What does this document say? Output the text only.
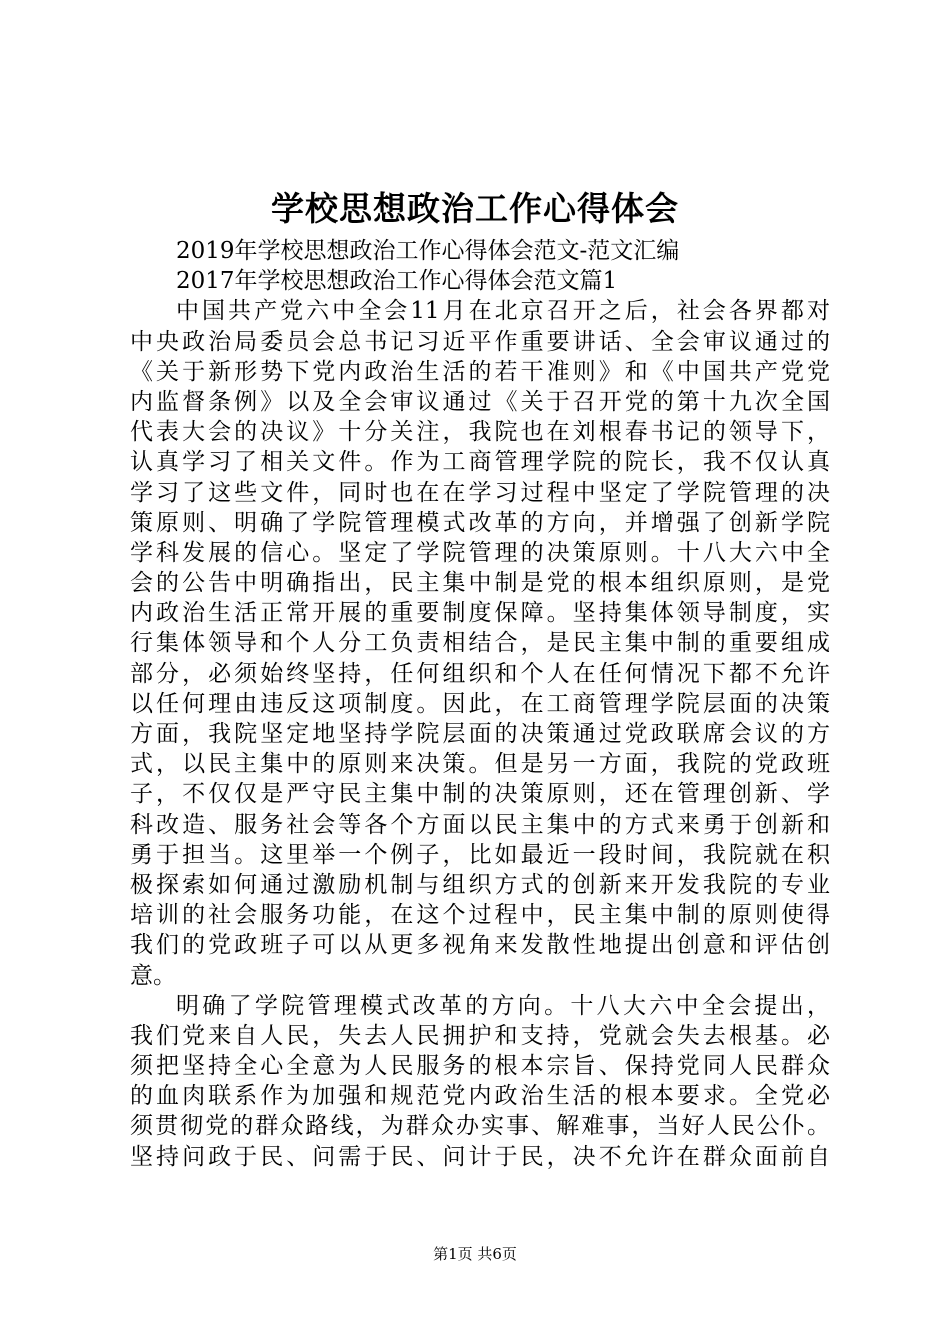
学校思想政治工作心得体会
2019年学校思想政治工作心得体会范文-范文汇编
2017年学校思想政治工作心得体会范文篇1
中国共产党六中全会11月在北京召开之后，社会各界都对
中央政治局委员会总书记习近平作重要讲话、全会审议通过的
《关于新形势下党内政治生活的若干准则》和《中国共产党党
内监督条例》以及全会审议通过《关于召开党的第十九次全国
代表大会的决议》十分关注，我院也在刘根春书记的领导下，
认真学习了相关文件。作为工商管理学院的院长，我不仅认真
学习了这些文件，同时也在在学习过程中坚定了学院管理的决
策原则、明确了学院管理模式改革的方向，并增强了创新学院
学科发展的信心。坚定了学院管理的决策原则。十八大六中全
会的公告中明确指出，民主集中制是党的根本组织原则，是党
内政治生活正常开展的重要制度保障。坚持集体领导制度，实
行集体领导和个人分工负责相结合，是民主集中制的重要组成
部分，必须始终坚持，任何组织和个人在任何情况下都不允许
以任何理由违反这项制度。因此，在工商管理学院层面的决策
方面，我院坚定地坚持学院层面的决策通过党政联席会议的方
式，以民主集中的原则来决策。但是另一方面，我院的党政班
子，不仅仅是严守民主集中制的决策原则，还在管理创新、学
科改造、服务社会等各个方面以民主集中的方式来勇于创新和
勇于担当。这里举一个例子，比如最近一段时间，我院就在积
极探索如何通过激励机制与组织方式的创新来开发我院的专业
培训的社会服务功能，在这个过程中，民主集中制的原则使得
我们的党政班子可以从更多视角来发散性地提出创意和评估创
意。
明确了学院管理模式改革的方向。十八大六中全会提出，
我们党来自人民，失去人民拥护和支持，党就会失去根基。必
须把坚持全心全意为人民服务的根本宗旨、保持党同人民群众
的血肉联系作为加强和规范党内政治生活的根本要求。全党必
须贯彻党的群众路线，为群众办实事、解难事，当好人民公仆。
坚持问政于民、问需于民、问计于民，决不允许在群众面前自
第1页 共6页
